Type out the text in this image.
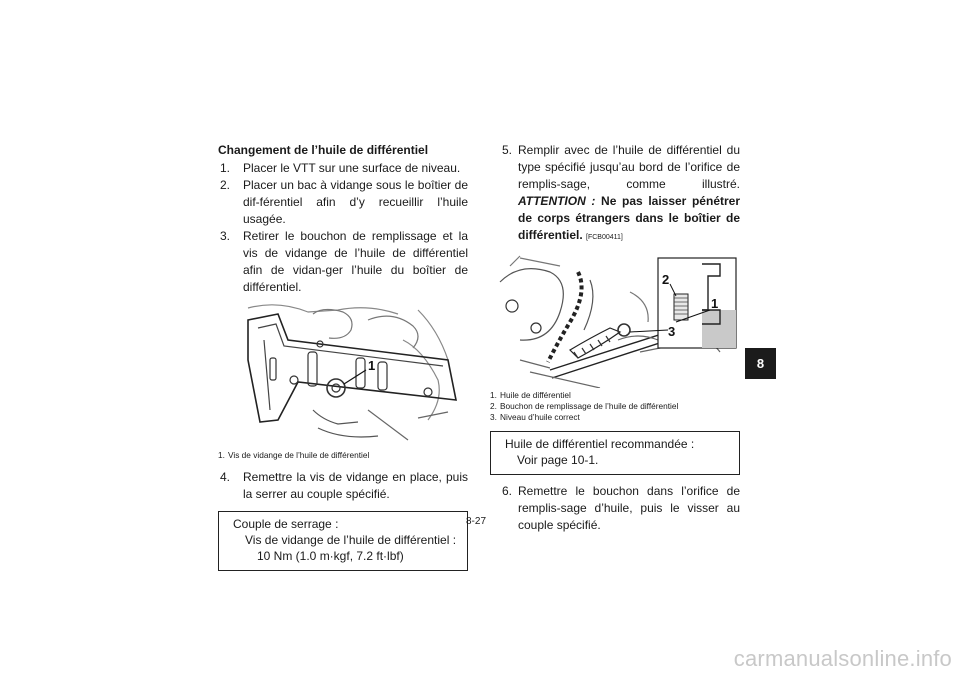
Changement de l’huile de différentiel
1. Placer le VTT sur une surface de niveau.
2. Placer un bac à vidange sous le boîtier de dif-férentiel afin d’y recueillir l’huile usagée.
3. Retirer le bouchon de remplissage et la vis de vidange de l’huile de différentiel afin de vidan-ger l’huile du boîtier de différentiel.
1
1. Vis de vidange de l’huile de différentiel
4. Remettre la vis de vidange en place, puis la serrer au couple spécifié.
Couple de serrage :
Vis de vidange de l’huile de différentiel :
10 Nm (1.0 m·kgf, 7.2 ft·lbf)
5. Remplir avec de l’huile de différentiel du type spécifié jusqu’au bord de l’orifice de remplis-sage, comme illustré. ATTENTION : Ne pas laisser pénétrer de corps étrangers dans le boîtier de différentiel. [FCB00411]
2
1
3
1. Huile de différentiel
2. Bouchon de remplissage de l’huile de différentiel
3. Niveau d’huile correct
Huile de différentiel recommandée :
Voir page 10-1.
6. Remettre le bouchon dans l’orifice de remplis-sage d’huile, puis le visser au couple spécifié.
8-27
8
carmanualsonline.info
